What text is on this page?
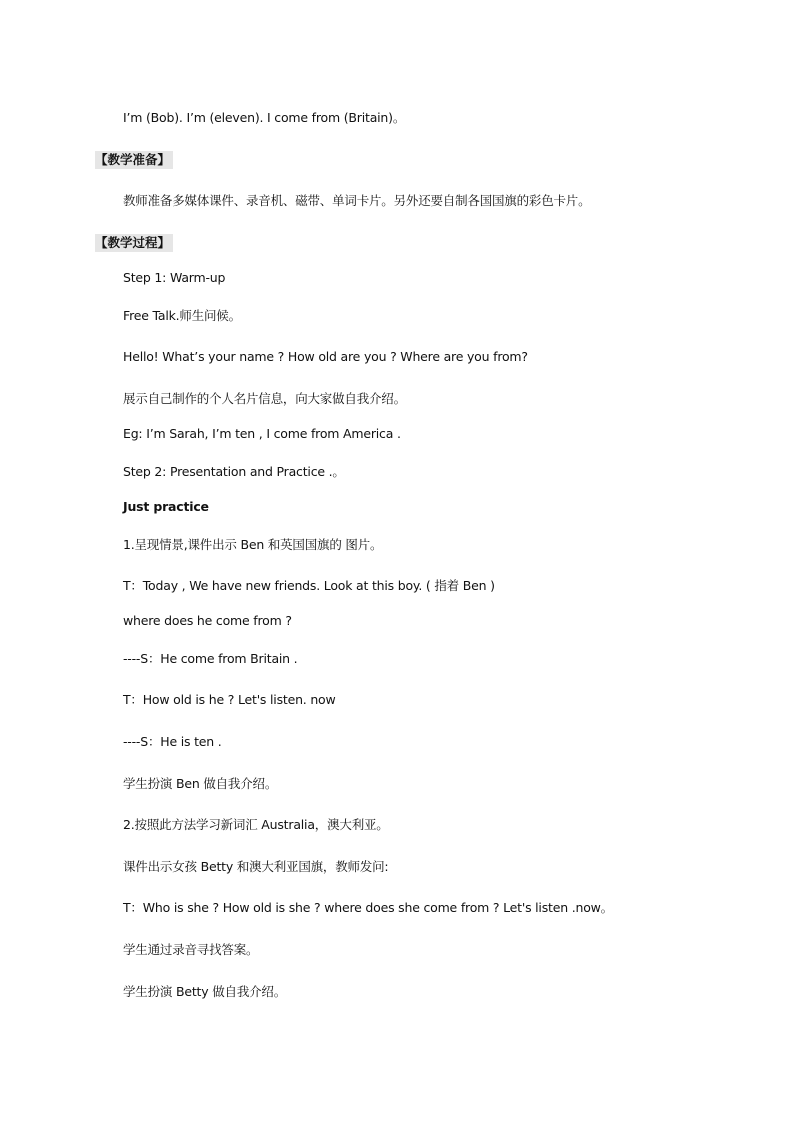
I’m (Bob). I’m (eleven). I come from (Britain)。
【教学准备】
教师准备多媒体课件、录音机、磁带、单词卡片。另外还要自制各国国旗的彩色卡片。
【教学过程】
Step 1: Warm-up
Free Talk.师生问候。
Hello! What’s your name ? How old are you ? Where are you from?
展示自己制作的个人名片信息，向大家做自我介绍。
Eg: I’m Sarah, I’m ten , I come from America .
Step 2: Presentation and Practice .。
Just practice
1.呈现情景,课件出示 Ben 和英国国旗的 图片。
T：Today , We have new friends. Look at this boy. ( 指着 Ben )
where does he come from ?
----S：He come from Britain .
T：How old is he ? Let's listen. now
----S：He is ten .
学生扮演 Ben 做自我介绍。
2.按照此方法学习新词汇 Australia，澳大利亚。
课件出示女孩 Betty 和澳大利亚国旗，教师发问:
T：Who is she ? How old is she ? where does she come from ? Let's listen .now。
学生通过录音寻找答案。
学生扮演 Betty 做自我介绍。
